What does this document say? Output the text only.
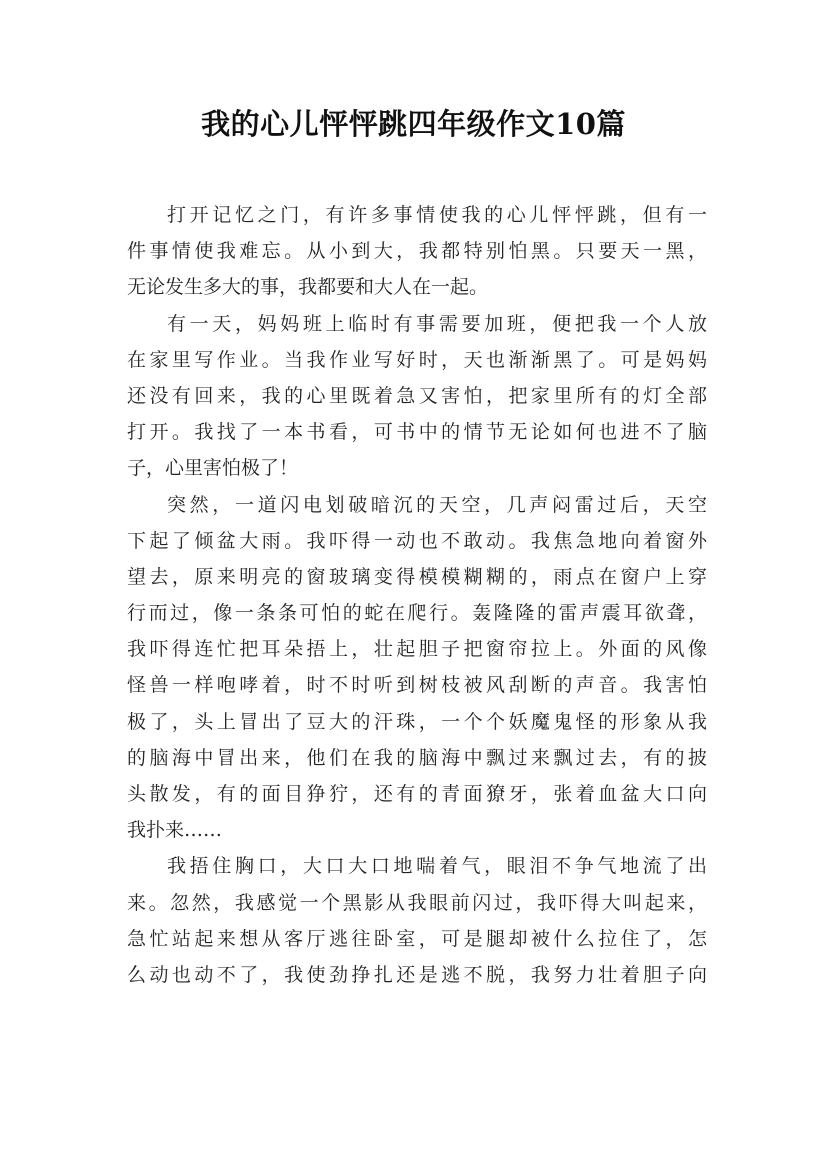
我的心儿怦怦跳四年级作文10篇
打开记忆之门，有许多事情使我的心儿怦怦跳，但有一
件事情使我难忘。从小到大，我都特别怕黑。只要天一黑，
无论发生多大的事，我都要和大人在一起。
有一天，妈妈班上临时有事需要加班，便把我一个人放
在家里写作业。当我作业写好时，天也渐渐黑了。可是妈妈
还没有回来，我的心里既着急又害怕，把家里所有的灯全部
打开。我找了一本书看，可书中的情节无论如何也进不了脑
子，心里害怕极了！
突然，一道闪电划破暗沉的天空，几声闷雷过后，天空
下起了倾盆大雨。我吓得一动也不敢动。我焦急地向着窗外
望去，原来明亮的窗玻璃变得模模糊糊的，雨点在窗户上穿
行而过，像一条条可怕的蛇在爬行。轰隆隆的雷声震耳欲聋，
我吓得连忙把耳朵捂上，壮起胆子把窗帘拉上。外面的风像
怪兽一样咆哮着，时不时听到树枝被风刮断的声音。我害怕
极了，头上冒出了豆大的汗珠，一个个妖魔鬼怪的形象从我
的脑海中冒出来，他们在我的脑海中飘过来飘过去，有的披
头散发，有的面目狰狞，还有的青面獠牙，张着血盆大口向
我扑来……
我捂住胸口，大口大口地喘着气，眼泪不争气地流了出
来。忽然，我感觉一个黑影从我眼前闪过，我吓得大叫起来，
急忙站起来想从客厅逃往卧室，可是腿却被什么拉住了，怎
么动也动不了，我使劲挣扎还是逃不脱，我努力壮着胆子向
